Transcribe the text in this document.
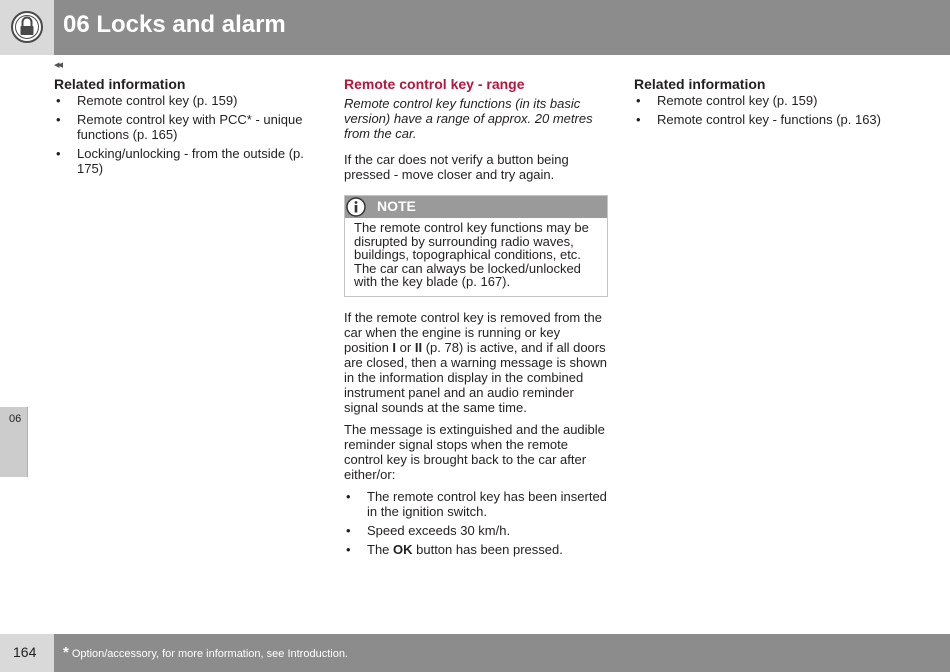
06 Locks and alarm
◂◂
Related information
• Remote control key (p. 159)
• Remote control key with PCC* - unique functions (p. 165)
• Locking/unlocking - from the outside (p. 175)
Remote control key - range

Remote control key functions (in its basic version) have a range of approx. 20 metres from the car.

If the car does not verify a button being pressed - move closer and try again.

NOTE
The remote control key functions may be disrupted by surrounding radio waves, buildings, topographical conditions, etc. The car can always be locked/unlocked with the key blade (p. 167).

If the remote control key is removed from the car when the engine is running or key position I or II (p. 78) is active, and if all doors are closed, then a warning message is shown in the information display in the combined instrument panel and an audio reminder signal sounds at the same time.

The message is extinguished and the audible reminder signal stops when the remote control key is brought back to the car after either/or:

• The remote control key has been inserted in the ignition switch.
• Speed exceeds 30 km/h.
• The OK button has been pressed.
Related information
• Remote control key (p. 159)
• Remote control key - functions (p. 163)
06
164 * Option/accessory, for more information, see Introduction.
